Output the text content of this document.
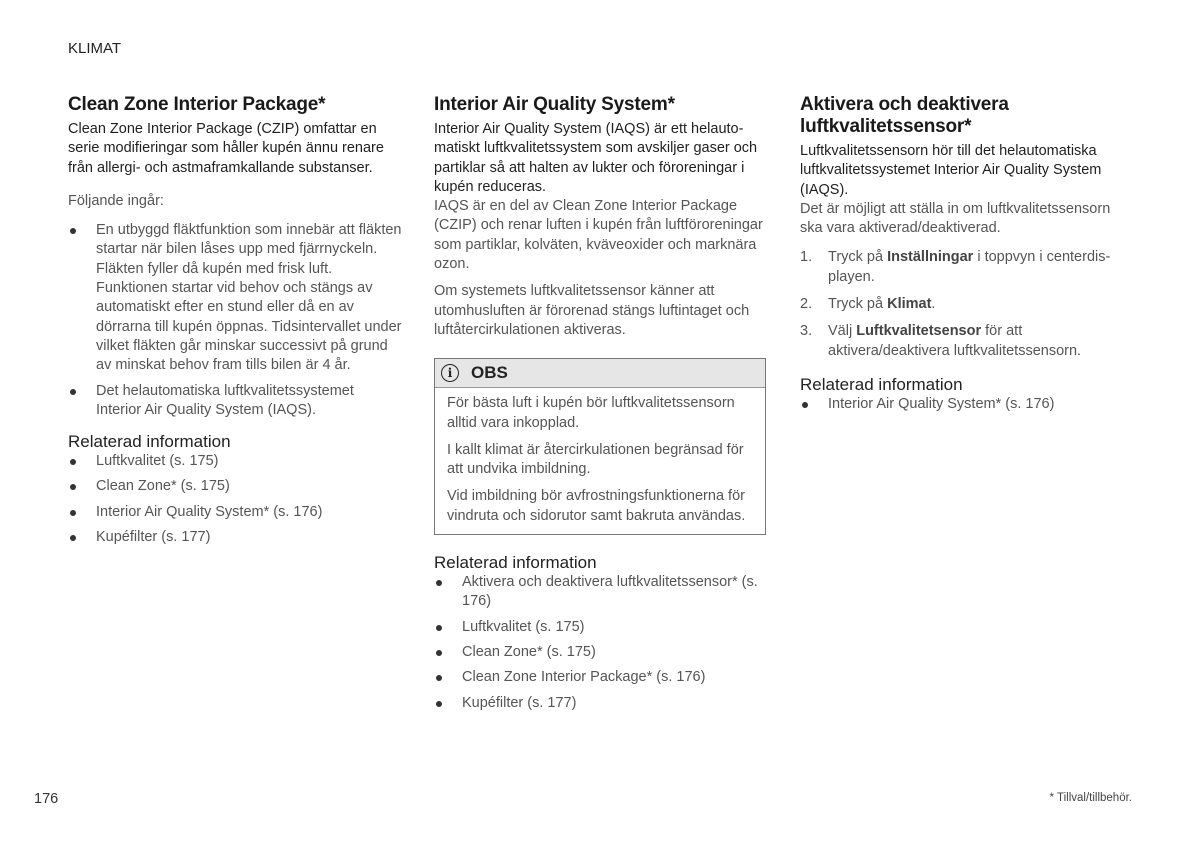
KLIMAT
Clean Zone Interior Package*

Clean Zone Interior Package (CZIP) omfattar en serie modifieringar som håller kupén ännu renare från allergi- och astmaframkallande substanser.

Följande ingår:

En utbyggd fläktfunktion som innebär att fläkten startar när bilen låses upp med fjärrnyckeln. Fläkten fyller då kupén med frisk luft. Funktionen startar vid behov och stängs av automatiskt efter en stund eller då en av dörrarna till kupén öppnas. Tidsintervallet under vilket fläkten går minskar successivt på grund av minskat behov fram tills bilen är 4 år.
Det helautomatiska luftkvalitetssystemet Interior Air Quality System (IAQS).
Relaterad information
Luftkvalitet (s. 175)
Clean Zone* (s. 175)
Interior Air Quality System* (s. 176)
Kupéfilter (s. 177)
Interior Air Quality System*

Interior Air Quality System (IAQS) är ett helautomatiskt luftkvalitetssystem som avskiljer gaser och partiklar så att halten av lukter och föroreningar i kupén reduceras.

IAQS är en del av Clean Zone Interior Package (CZIP) och renar luften i kupén från luftföroreningar som partiklar, kolväten, kväveoxider och marknära ozon.

Om systemets luftkvalitetssensor känner att utomhusluften är förorenad stängs luftintaget och luftåtercirkulationen aktiveras.

i	OBS

För bästa luft i kupén bör luftkvalitetssensorn alltid vara inkopplad.

I kallt klimat är återcirkulationen begränsad för att undvika imbildning.

Vid imbildning bör avfrostningsfunktionerna för vindruta och sidorutor samt bakruta användas.

Relaterad information
Aktivera och deaktivera luftkvalitetssensor* (s. 176)
Luftkvalitet (s. 175)
Clean Zone* (s. 175)
Clean Zone Interior Package* (s. 176)
Kupéfilter (s. 177)
Aktivera och deaktivera luftkvalitetssensor*

Luftkvalitetssensorn hör till det helautomatiska luftkvalitetssystemet Interior Air Quality System (IAQS).

Det är möjligt att ställa in om luftkvalitetssensorn ska vara aktiverad/deaktiverad.

1. Tryck på Inställningar i toppvyn i centerdisplayen.
2. Tryck på Klimat.
3. Välj Luftkvalitetsensor för att aktivera/deaktivera luftkvalitetssensorn.
Relaterad information
Interior Air Quality System* (s. 176)
176	* Tillval/tillbehör.
